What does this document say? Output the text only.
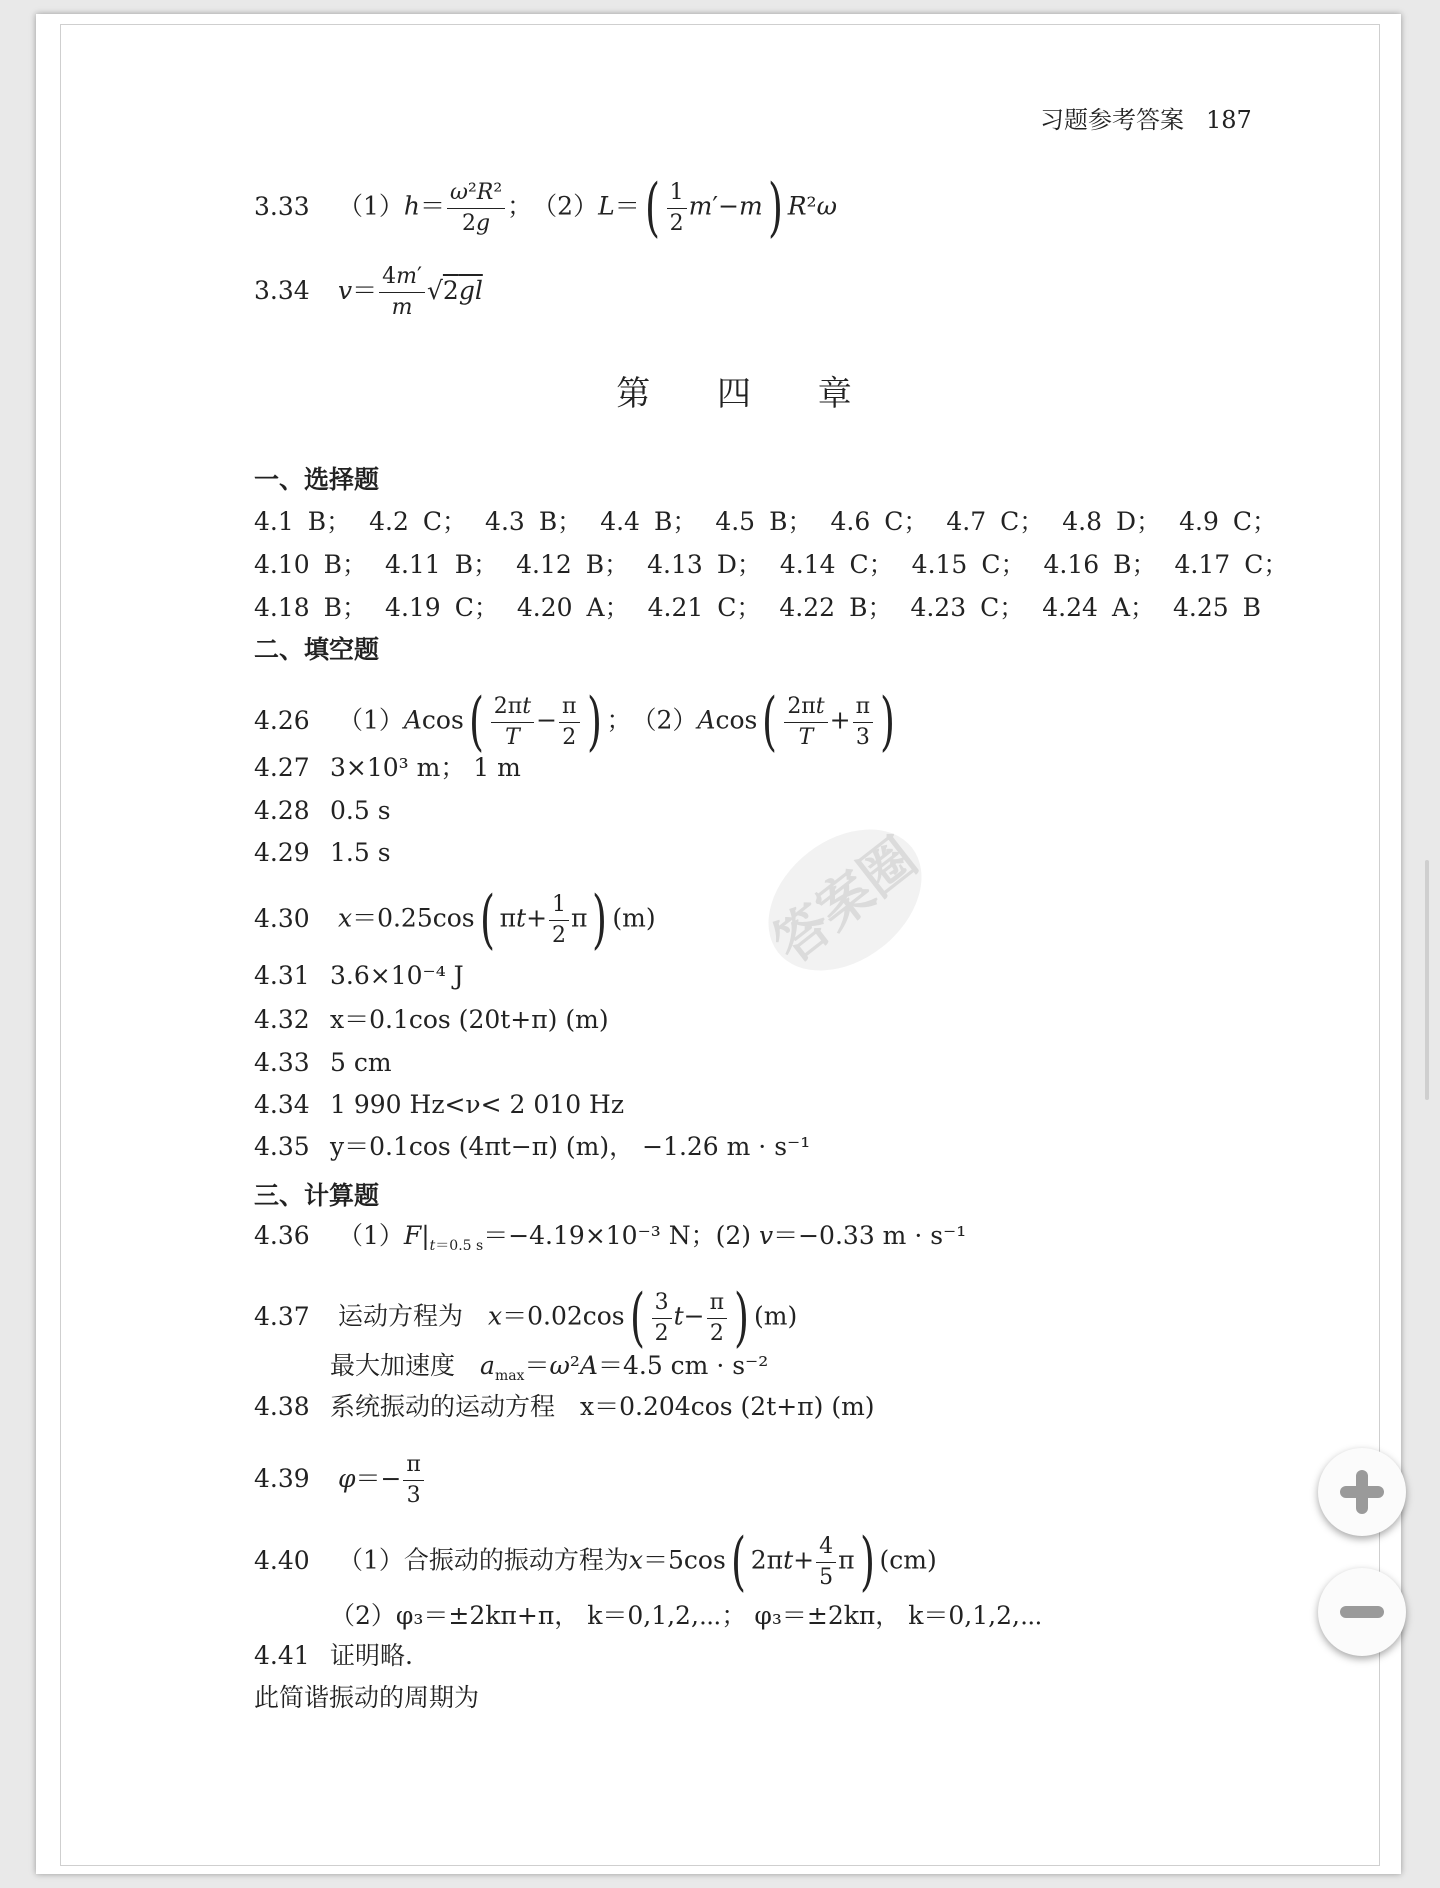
习题参考答案 187
3.33 $(1)h= \frac{\text{ω²R²}}{2g}$ ；　$(2)L=( \frac{1}{2} m'-m)$ R²ω
3.34 $v= \frac{4m'}{m} √2gl$
第 四 章
一、选择题
4.1 B； 4.2 C； 4.3 B； 4.4 B； 4.5 B； 4.6 C； 4.7 C； 4.8 D； 4.9 C；
4.10 B； 4.11 B； 4.12 B； 4.13 D； 4.14 C； 4.15 C； 4.16 B； 4.17 C；
4.18 B； 4.19 C； 4.20 A； 4.21 C； 4.22 B； 4.23 C； 4.24 A； 4.25 B
二、填空题
4.26 $(1)Acos( \frac{2\pi t}{T} - \frac{\pi}{2}$ ) ；　$(2)Acos( \frac{2\pi t}{T} + \frac{\pi}{3}$ )
4.27 3×10³ m； 1 m
4.28 0.5 s
4.29 1.5 s
4.30 x＝0.25cos( $\pi t+ \frac{1}{2} \pi$) (m)
4.31 3.6×10⁻⁴ J
4.32 x＝0.1cos (20t+π) (m)
4.33 5 cm
4.34 1 990 Hz<ν< 2 010 Hz
4.35 y＝0.1cos (4πt−π) (m)， −1.26 m · s⁻¹
三、计算题
4.36 $(1)F|_{t=0.5 s}=-4.19\times 10^{-3}$ N；(2) v＝−0.33 m · s⁻¹
4.37 运动方程为　 $x=0.02\cos( \frac{3}{2} t- \frac{\pi}{2}$ ) (m)
最大加速度　 $a_{max}=\omega^2A=4.5$ cm · s⁻²
4.38 系统振动的运动方程　 x＝0.204cos (2t+π) (m)
4.39 $\varphi=- \frac{\pi}{3}$
4.40 （1）合振动的振动方程为x＝5cos( $2\pi t+ \frac{4}{5} \pi$) (cm)
（2）φ₃＝±2kπ+π， k＝0,1,2,⋯； φ₃＝±2kπ， k＝0,1,2,⋯
4.41 证明略.
此简谐振动的周期为
答案圈
